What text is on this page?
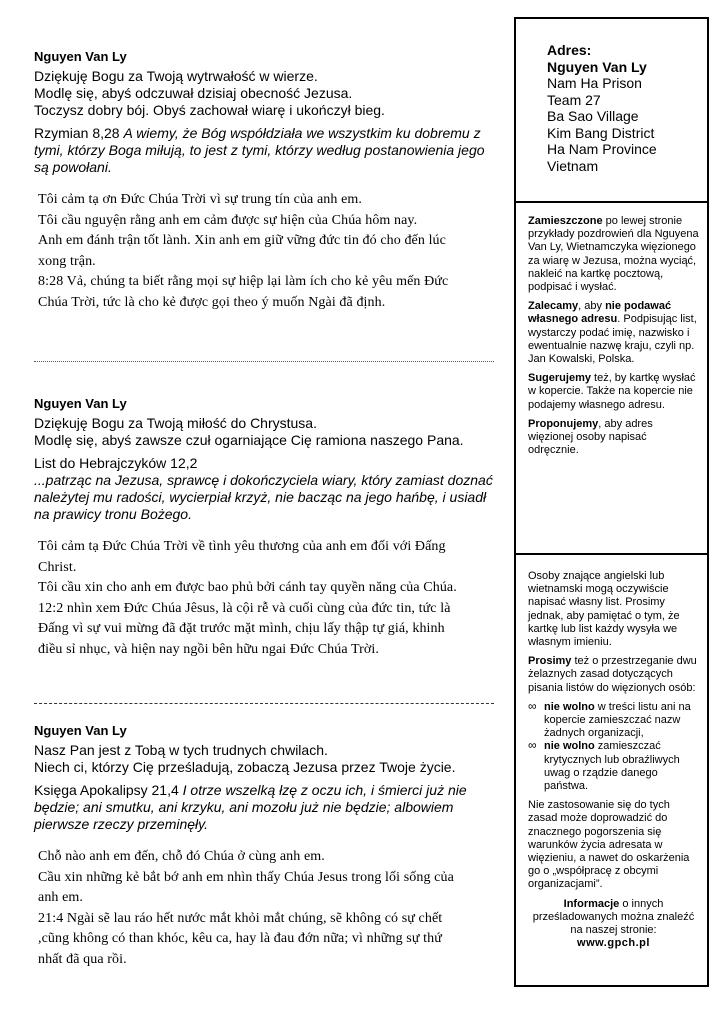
Nguyen Van Ly

Dziękuję Bogu za Twoją wytrwałość w wierze.

Modlę się, abyś odczuwał dzisiaj obecność Jezusa.

Toczysz dobry bój. Obyś zachował wiarę i ukończył bieg.

Rzymian 8,28 A wiemy, że Bóg współdziała we wszystkim ku dobremu z tymi, którzy Boga miłują, to jest z tymi, którzy według postanowienia jego są powołani.

Tôi cảm tạ ơn Đức Chúa Trời vì sự trung tín của anh em.
Tôi cầu nguyện rằng anh em cảm được sự hiện của Chúa hôm nay.
Anh em đánh trận tốt lành. Xin anh em giữ vững đức tin đó cho đến lúc
xong trận.
8:28 Vả, chúng ta biết rằng mọi sự hiệp lại làm ích cho kẻ yêu mến Đức
Chúa Trời, tức là cho kẻ được gọi theo ý muốn Ngài đã định.
Nguyen Van Ly

Dziękuję Bogu za Twoją miłość do Chrystusa.

Modlę się, abyś zawsze czuł ogarniające Cię ramiona naszego Pana.

List do Hebrajczyków 12,2
...patrząc na Jezusa, sprawcę i dokończyciela wiary, który zamiast doznać należytej mu radości, wycierpiał krzyż, nie bacząc na jego hańbę, i usiadł na prawicy tronu Bożego.

Tôi cảm tạ Đức Chúa Trời về tình yêu thương của anh em đối với Đấng
Christ.
Tôi cầu xin cho anh em được bao phủ bởi cánh tay quyền năng của Chúa.
12:2 nhìn xem Đức Chúa Jêsus, là cội rễ và cuối cùng của đức tin, tức là
Đấng vì sự vui mừng đã đặt trước mặt mình, chịu lấy thập tự giá, khinh
điều sỉ nhục, và hiện nay ngồi bên hữu ngai Đức Chúa Trời.
Nguyen Van Ly

Nasz Pan jest z Tobą w tych trudnych chwilach.

Niech ci, którzy Cię prześladują, zobaczą Jezusa przez Twoje życie.

Księga Apokalipsy 21,4 I otrze wszelką łzę z oczu ich, i śmierci już nie będzie; ani smutku, ani krzyku, ani mozołu już nie będzie; albowiem pierwsze rzeczy przeminęły.

Chỗ nào anh em đến, chỗ đó Chúa ở cùng anh em.
Cầu xin những kẻ bắt bớ anh em nhìn thấy Chúa Jesus trong lối sống của
anh em.
21:4 Ngài sẽ lau ráo hết nước mắt khỏi mắt chúng, sẽ không có sự chết
,cũng không có than khóc, kêu ca, hay là đau đớn nữa; vì những sự thứ
nhất đã qua rồi.
Adres:
Nguyen Van Ly
Nam Ha Prison
Team 27
Ba Sao Village
Kim Bang District
Ha Nam Province
Vietnam

Zamieszczone po lewej stronie przykłady pozdrowień dla Nguyena Van Ly, Wietnamczyka więzionego za wiarę w Jezusa, można wyciąć, nakleić na kartkę pocztową, podpisać i wysłać.

Zalecamy, aby nie podawać własnego adresu. Podpisując list, wystarczy podać imię, nazwisko i ewentualnie nazwę kraju, czyli np. Jan Kowalski, Polska.

Sugerujemy też, by kartkę wysłać w kopercie. Także na kopercie nie podajemy własnego adresu.

Proponujemy, aby adres więzionej osoby napisać odręcznie.

Osoby znające angielski lub wietnamski mogą oczywiście napisać własny list. Prosimy jednak, aby pamiętać o tym, że kartkę lub list każdy wysyła we własnym imieniu.

Prosimy też o przestrzeganie dwu żelaznych zasad dotyczących pisania listów do więzionych osób:

∞ nie wolno w treści listu ani na kopercie zamieszczać nazw żadnych organizacji,
∞ nie wolno zamieszczać krytycznych lub obraźliwych uwag o rządzie danego państwa.

Nie zastosowanie się do tych zasad może doprowadzić do znacznego pogorszenia się warunków życia adresata w więzieniu, a nawet do oskarżenia go o „współpracę z obcymi organizacjami”.

Informacje o innych prześladowanych można znaleźć na naszej stronie:
www.gpch.pl
